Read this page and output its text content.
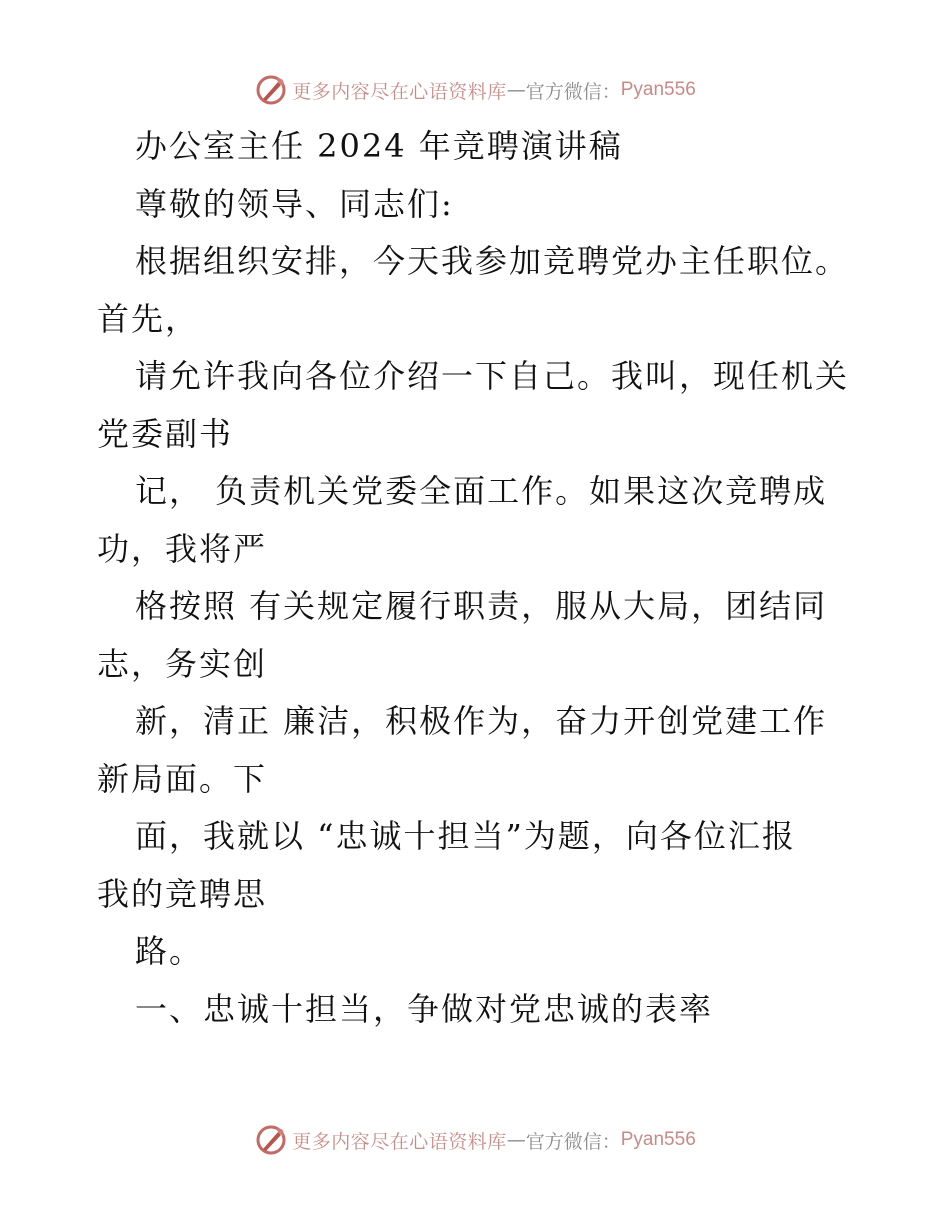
更多内容尽在心语资料库 — 官方微信： Pyan556
办公室主任 2024 年竞聘演讲稿
尊敬的领导、同志们:
根据组织安排，今天我参加竞聘党办主任职位。
首先，
请允许我向各位介绍一下自己。我叫，现任机关
党委副书
记， 负责机关党委全面工作。如果这次竞聘成
功，我将严
格按照 有关规定履行职责，服从大局，团结同
志，务实创
新，清正 廉洁，积极作为，奋力开创党建工作
新局面。下
面，我就以 “忠诚十担当”为题，向各位汇报
我的竞聘思
路。
一、忠诚十担当，争做对党忠诚的表率
更多内容尽在心语资料库 — 官方微信： Pyan556
